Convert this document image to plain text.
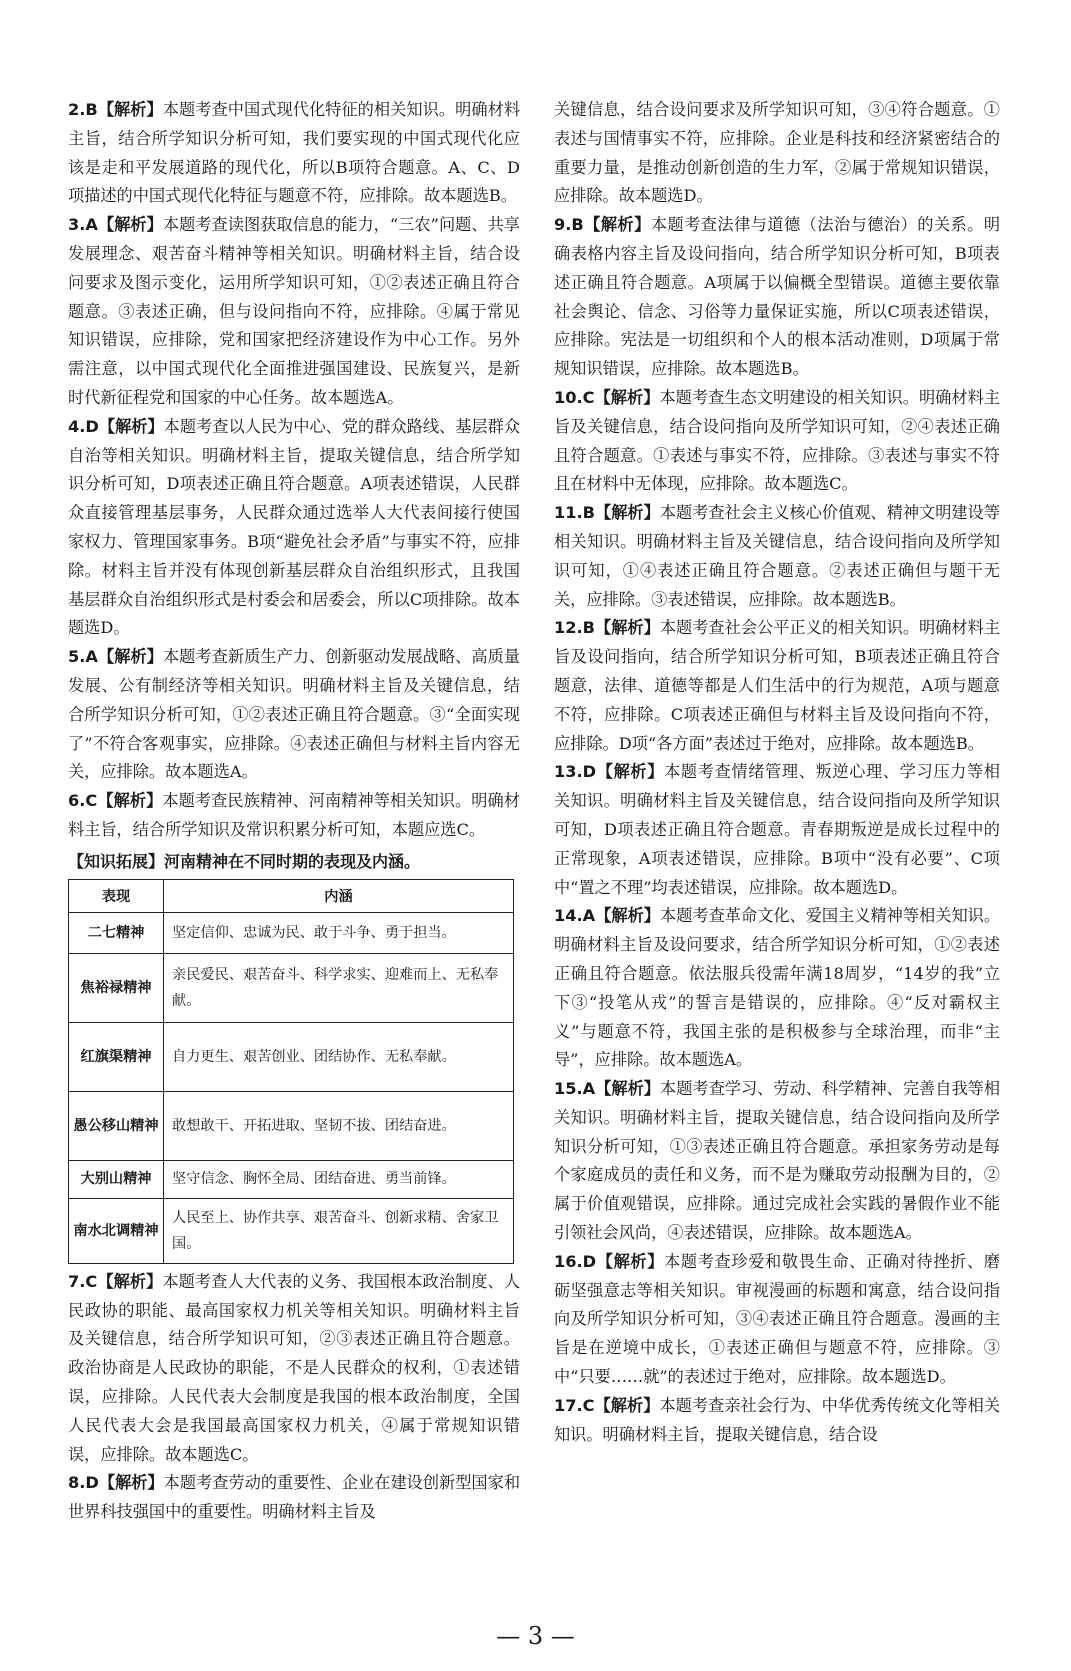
2.B【解析】本题考查中国式现代化特征的相关知识。明确材料主旨，结合所学知识分析可知，我们要实现的中国式现代化应该是走和平发展道路的现代化，所以B项符合题意。A、C、D项描述的中国式现代化特征与题意不符，应排除。故本题选B。

3.A【解析】本题考查读图获取信息的能力，“三农”问题、共享发展理念、艰苦奋斗精神等相关知识。明确材料主旨，结合设问要求及图示变化，运用所学知识可知，①②表述正确且符合题意。③表述正确，但与设问指向不符，应排除。④属于常见知识错误，应排除，党和国家把经济建设作为中心工作。另外需注意，以中国式现代化全面推进强国建设、民族复兴，是新时代新征程党和国家的中心任务。故本题选A。

4.D【解析】本题考查以人民为中心、党的群众路线、基层群众自治等相关知识。明确材料主旨，提取关键信息，结合所学知识分析可知，D项表述正确且符合题意。A项表述错误，人民群众直接管理基层事务，人民群众通过选举人大代表间接行使国家权力、管理国家事务。B项“避免社会矛盾”与事实不符，应排除。材料主旨并没有体现创新基层群众自治组织形式，且我国基层群众自治组织形式是村委会和居委会，所以C项排除。故本题选D。

5.A【解析】本题考查新质生产力、创新驱动发展战略、高质量发展、公有制经济等相关知识。明确材料主旨及关键信息，结合所学知识分析可知，①②表述正确且符合题意。③“全面实现了”不符合客观事实，应排除。④表述正确但与材料主旨内容无关，应排除。故本题选A。

6.C【解析】本题考查民族精神、河南精神等相关知识。明确材料主旨，结合所学知识及常识积累分析可知，本题应选C。

【知识拓展】河南精神在不同时期的表现及内涵。
表现	内涵
二七精神	坚定信仰、忠诚为民、敢于斗争、勇于担当。
焦裕禄精神	亲民爱民、艰苦奋斗、科学求实、迎难而上、无私奉献。
红旗渠精神	自力更生、艰苦创业、团结协作、无私奉献。
愚公移山精神	敢想敢干、开拓进取、坚韧不拔、团结奋进。
大别山精神	坚守信念、胸怀全局、团结奋进、勇当前锋。
南水北调精神	人民至上、协作共享、艰苦奋斗、创新求精、舍家卫国。

7.C【解析】本题考查人大代表的义务、我国根本政治制度、人民政协的职能、最高国家权力机关等相关知识。明确材料主旨及关键信息，结合所学知识可知，②③表述正确且符合题意。政治协商是人民政协的职能，不是人民群众的权利，①表述错误，应排除。人民代表大会制度是我国的根本政治制度，全国人民代表大会是我国最高国家权力机关，④属于常规知识错误，应排除。故本题选C。

8.D【解析】本题考查劳动的重要性、企业在建设创新型国家和世界科技强国中的重要性。明确材料主旨及

关键信息，结合设问要求及所学知识可知，③④符合题意。①表述与国情事实不符，应排除。企业是科技和经济紧密结合的重要力量，是推动创新创造的生力军，②属于常规知识错误，应排除。故本题选D。

9.B【解析】本题考查法律与道德（法治与德治）的关系。明确表格内容主旨及设问指向，结合所学知识分析可知，B项表述正确且符合题意。A项属于以偏概全型错误。道德主要依靠社会舆论、信念、习俗等力量保证实施，所以C项表述错误，应排除。宪法是一切组织和个人的根本活动准则，D项属于常规知识错误，应排除。故本题选B。

10.C【解析】本题考查生态文明建设的相关知识。明确材料主旨及关键信息，结合设问指向及所学知识可知，②④表述正确且符合题意。①表述与事实不符，应排除。③表述与事实不符且在材料中无体现，应排除。故本题选C。

11.B【解析】本题考查社会主义核心价值观、精神文明建设等相关知识。明确材料主旨及关键信息，结合设问指向及所学知识可知，①④表述正确且符合题意。②表述正确但与题干无关，应排除。③表述错误，应排除。故本题选B。

12.B【解析】本题考查社会公平正义的相关知识。明确材料主旨及设问指向，结合所学知识分析可知，B项表述正确且符合题意，法律、道德等都是人们生活中的行为规范，A项与题意不符，应排除。C项表述正确但与材料主旨及设问指向不符，应排除。D项“各方面”表述过于绝对，应排除。故本题选B。

13.D【解析】本题考查情绪管理、叛逆心理、学习压力等相关知识。明确材料主旨及关键信息，结合设问指向及所学知识可知，D项表述正确且符合题意。青春期叛逆是成长过程中的正常现象，A项表述错误，应排除。B项中“没有必要”、C项中“置之不理”均表述错误，应排除。故本题选D。

14.A【解析】本题考查革命文化、爱国主义精神等相关知识。明确材料主旨及设问要求，结合所学知识分析可知，①②表述正确且符合题意。依法服兵役需年满18周岁，“14岁的我”立下③“投笔从戎”的誓言是错误的，应排除。④“反对霸权主义”与题意不符，我国主张的是积极参与全球治理，而非“主导”，应排除。故本题选A。

15.A【解析】本题考查学习、劳动、科学精神、完善自我等相关知识。明确材料主旨，提取关键信息，结合设问指向及所学知识分析可知，①③表述正确且符合题意。承担家务劳动是每个家庭成员的责任和义务，而不是为赚取劳动报酬为目的，②属于价值观错误，应排除。通过完成社会实践的暑假作业不能引领社会风尚，④表述错误，应排除。故本题选A。

16.D【解析】本题考查珍爱和敬畏生命、正确对待挫折、磨砺坚强意志等相关知识。审视漫画的标题和寓意，结合设问指向及所学知识分析可知，③④表述正确且符合题意。漫画的主旨是在逆境中成长，①表述正确但与题意不符，应排除。③中“只要……就”的表述过于绝对，应排除。故本题选D。

17.C【解析】本题考查亲社会行为、中华优秀传统文化等相关知识。明确材料主旨，提取关键信息，结合设

— 3 —
